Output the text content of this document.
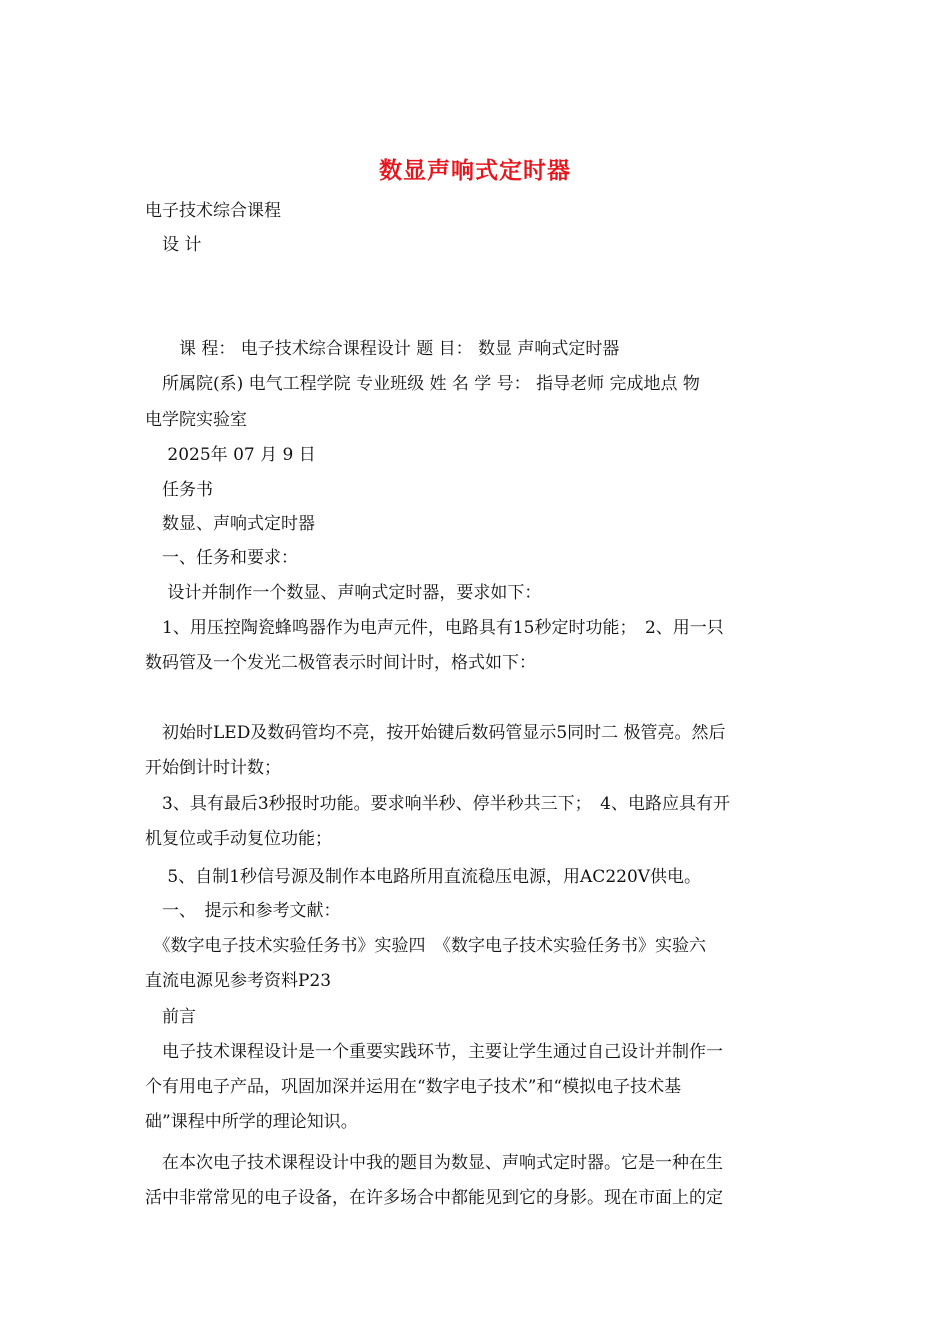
数显声响式定时器
电子技术综合课程
　设 计
　　课 程： 电子技术综合课程设计 题 目： 数显 声响式定时器
　所属院(系) 电气工程学院 专业班级 姓 名 学 号： 指导老师 完成地点 物
电学院实验室
　 2025年 07 月 9 日
　任务书
　数显、声响式定时器
　一、任务和要求：
　 设计并制作一个数显、声响式定时器，要求如下：
　1、用压控陶瓷蜂鸣器作为电声元件，电路具有15秒定时功能；　2、用一只
数码管及一个发光二极管表示时间计时，格式如下：
　初始时LED及数码管均不亮，按开始键后数码管显示5同时二 极管亮。然后
开始倒计时计数；
　3、具有最后3秒报时功能。要求响半秒、停半秒共三下；　4、电路应具有开
机复位或手动复位功能；
　 5、自制1秒信号源及制作本电路所用直流稳压电源，用AC220V供电。
　一、　提示和参考文献：
　《数字电子技术实验任务书》实验四　《数字电子技术实验任务书》实验六
直流电源见参考资料P23
　前言
　电子技术课程设计是一个重要实践环节，主要让学生通过自己设计并制作一
个有用电子产品，巩固加深并运用在“数字电子技术”和“模拟电子技术基
础”课程中所学的理论知识。
　在本次电子技术课程设计中我的题目为数显、声响式定时器。它是一种在生
活中非常常见的电子设备，在许多场合中都能见到它的身影。现在市面上的定
